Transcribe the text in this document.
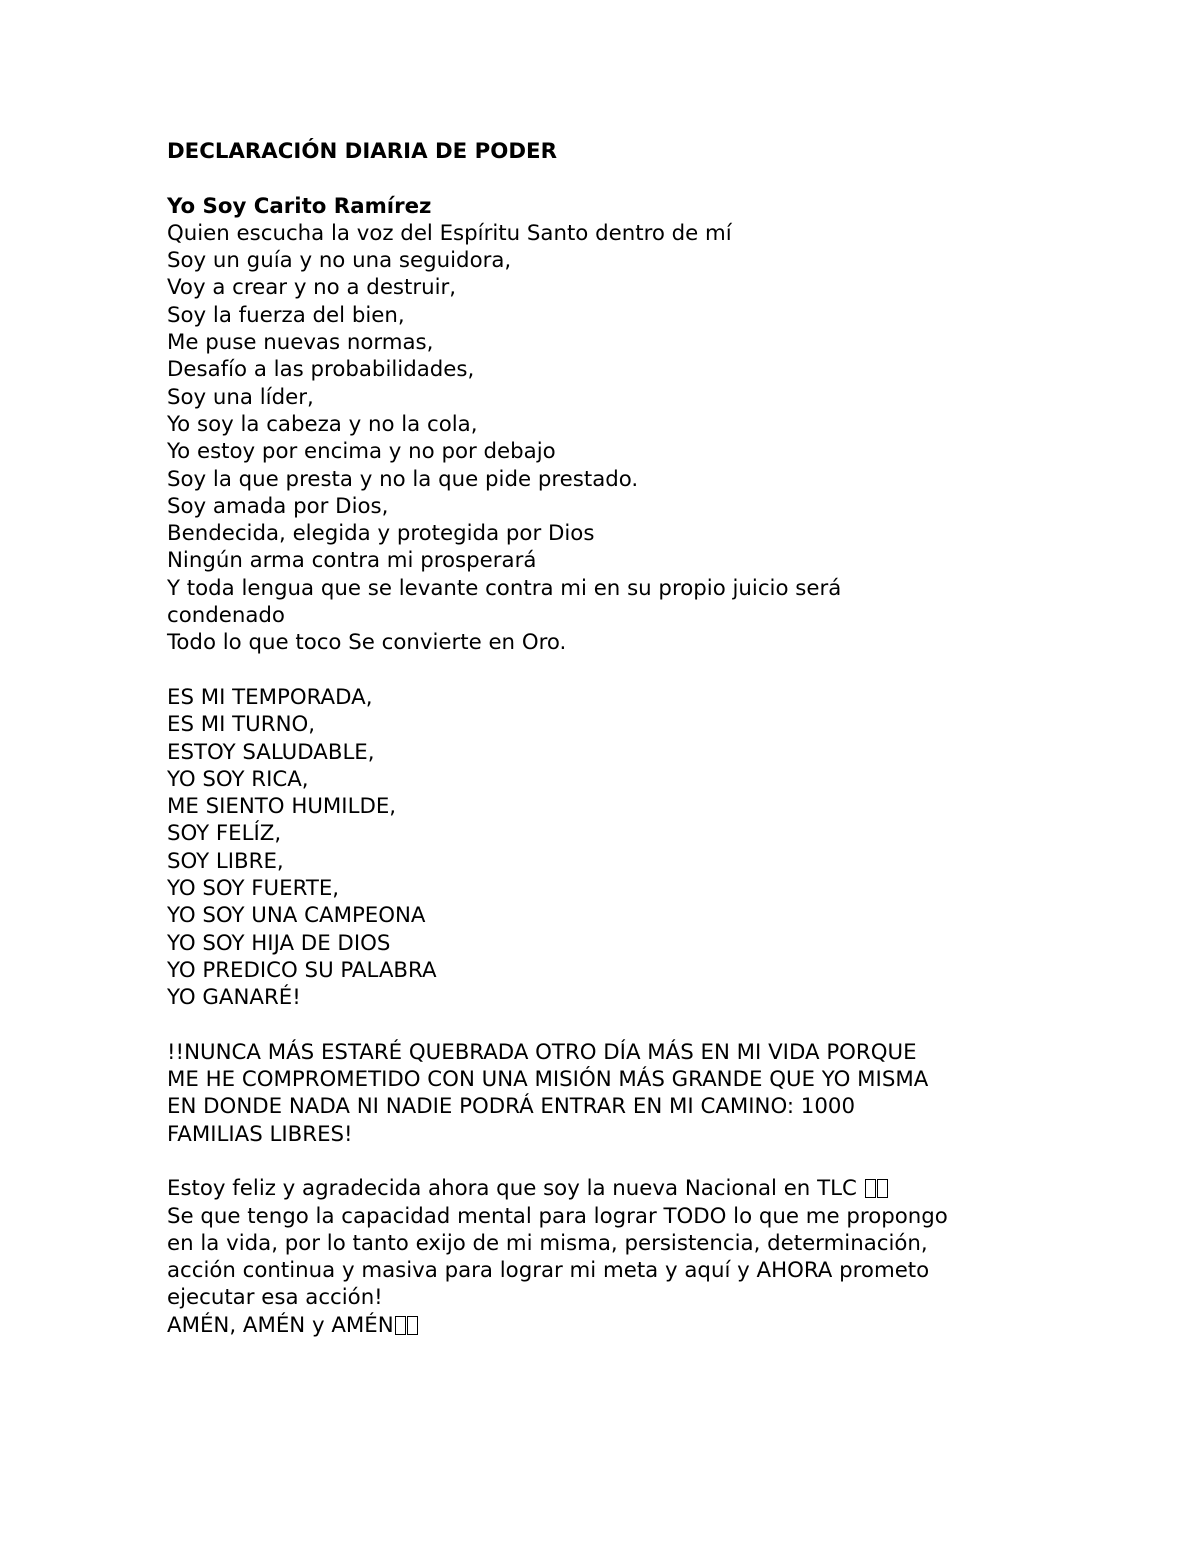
DECLARACIÓN DIARIA DE PODER
Yo Soy Carito Ramírez
Quien escucha la voz del Espíritu Santo dentro de mí
Soy un guía y no una seguidora,
Voy a crear y no a destruir,
Soy la fuerza del bien,
Me puse nuevas normas,
Desafío a las probabilidades,
Soy una líder,
Yo soy la cabeza y no la cola,
Yo estoy por encima y no por debajo
Soy la que presta y no la que pide prestado.
Soy amada por Dios,
Bendecida, elegida y protegida por Dios
Ningún arma contra mi prosperará
Y toda lengua que se levante contra mi en su propio juicio será
condenado
Todo lo que toco Se convierte en Oro.
ES MI TEMPORADA,
ES MI TURNO,
ESTOY SALUDABLE,
YO SOY RICA,
ME SIENTO HUMILDE,
SOY FELÍZ,
SOY LIBRE,
YO SOY FUERTE,
YO SOY UNA CAMPEONA
YO SOY HIJA DE DIOS
YO PREDICO SU PALABRA
YO GANARÉ!
!!NUNCA MÁS ESTARÉ QUEBRADA OTRO DÍA MÁS EN MI VIDA PORQUE
ME HE COMPROMETIDO CON UNA MISIÓN MÁS GRANDE QUE YO MISMA
EN DONDE NADA NI NADIE PODRÁ ENTRAR EN MI CAMINO: 1000
FAMILIAS LIBRES!
Estoy feliz y agradecida ahora que soy la nueva Nacional en TLC
Se que tengo la capacidad mental para lograr TODO lo que me propongo
en la vida, por lo tanto exijo de mi misma, persistencia, determinación,
acción continua y masiva para lograr mi meta y aquí y AHORA prometo
ejecutar esa acción!
AMÉN, AMÉN y AMÉN
